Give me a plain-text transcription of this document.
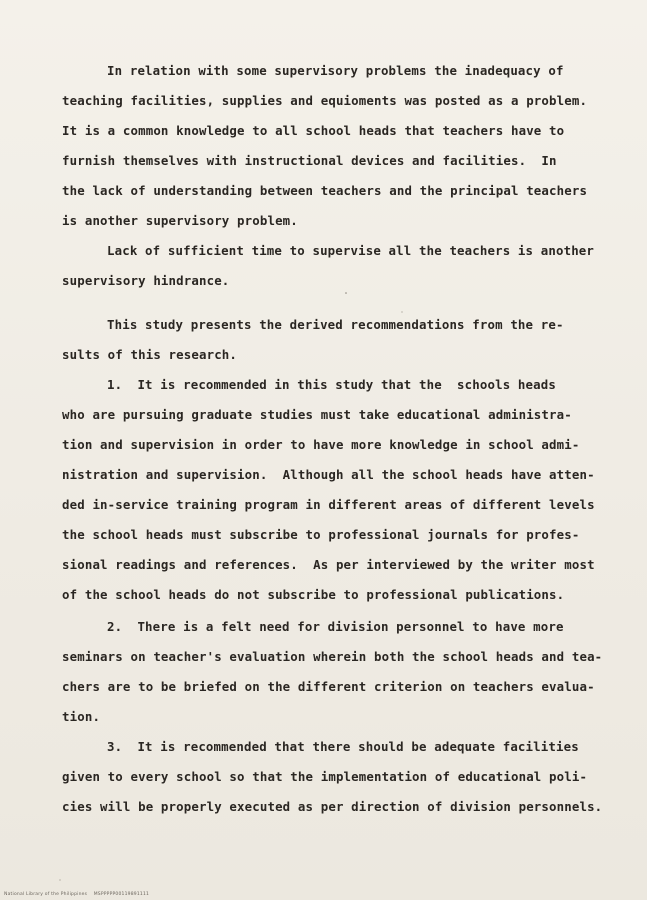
In relation with some supervisory problems the inadequacy of
teaching facilities, supplies and equioments was posted as a problem.
It is a common knowledge to all school heads that teachers have to
furnish themselves with instructional devices and facilities.  In
the lack of understanding between teachers and the principal teachers
is another supervisory problem.
Lack of sufficient time to supervise all the teachers is another
supervisory hindrance.
This study presents the derived recommendations from the re-
sults of this research.
1.  It is recommended in this study that the  schools heads
who are pursuing graduate studies must take educational administra-
tion and supervision in order to have more knowledge in school admi-
nistration and supervision.  Although all the school heads have atten-
ded in-service training program in different areas of different levels
the school heads must subscribe to professional journals for profes-
sional readings and references.  As per interviewed by the writer most
of the school heads do not subscribe to professional publications.
2.  There is a felt need for division personnel to have more
seminars on teacher's evaluation wherein both the school heads and tea-
chers are to be briefed on the different criterion on teachers evalua-
tion.
3.  It is recommended that there should be adequate facilities
given to every school so that the implementation of educational poli-
cies will be properly executed as per direction of division personnels.
National Library of the Philippines    MSPPPPP00119891111
